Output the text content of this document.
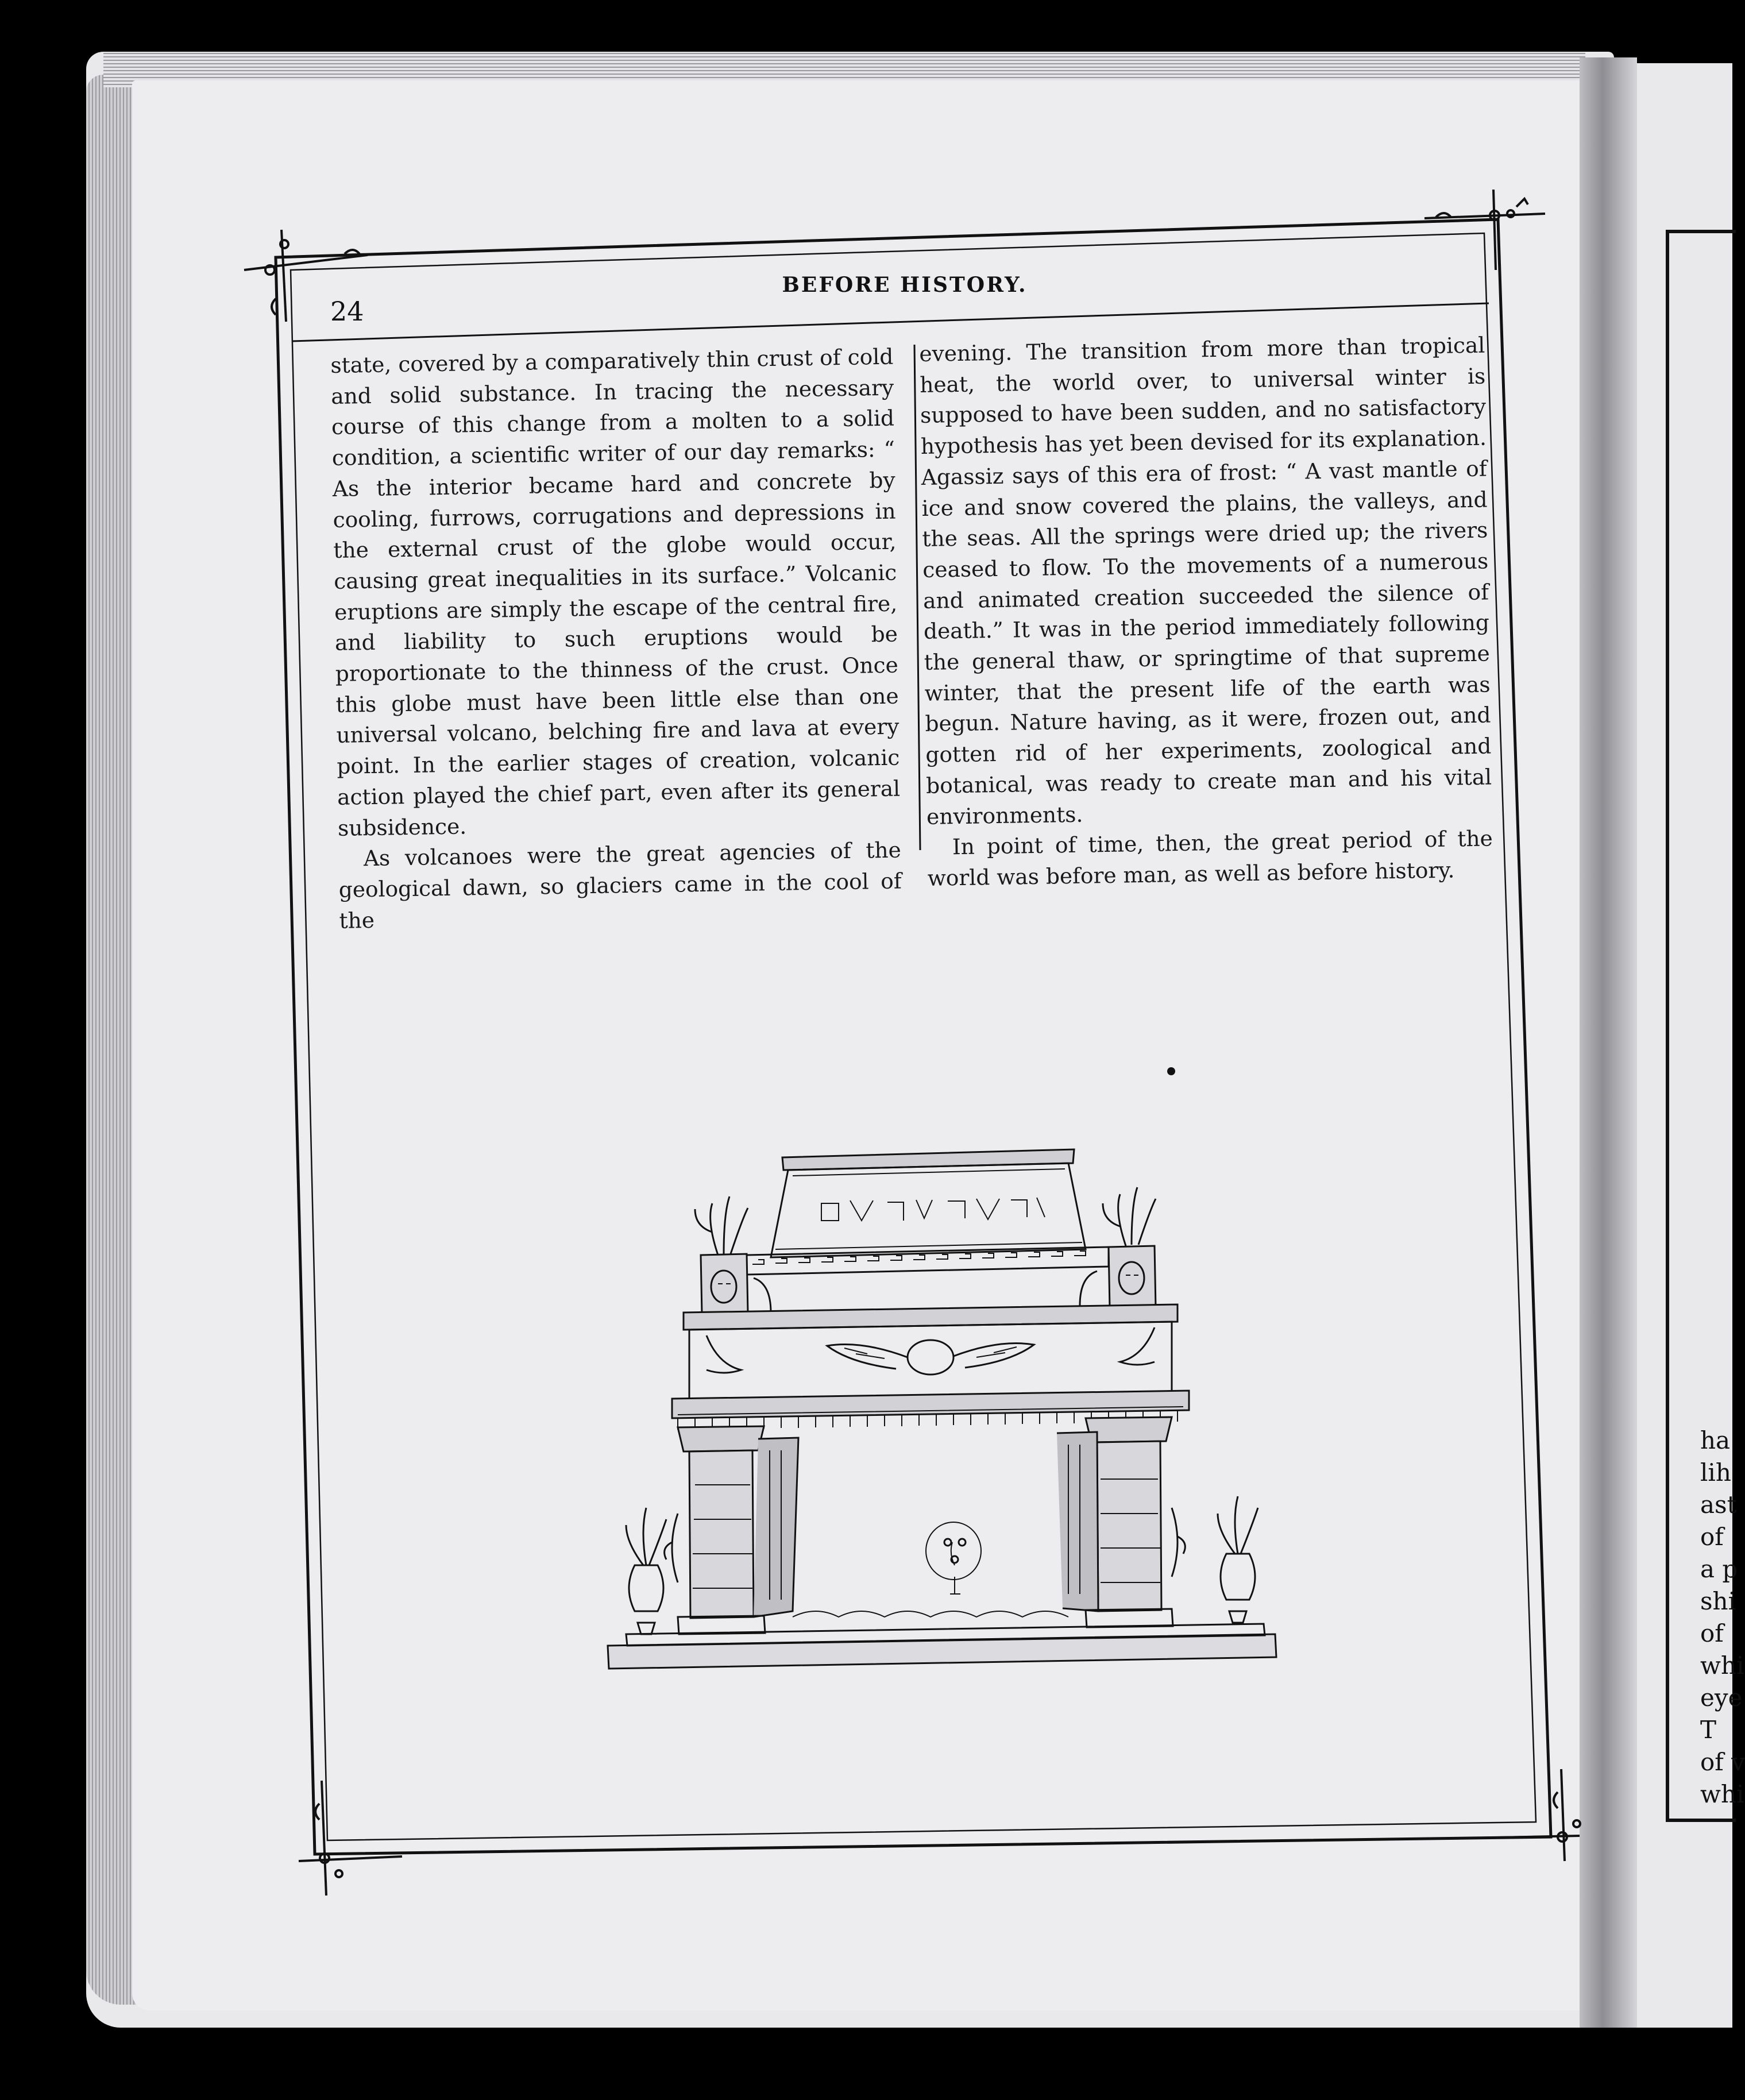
ha
lih
ast
of
a p
shi
of
whi
eye
T
of v
whi
BEFORE HISTORY.
24

state, covered by a comparatively thin crust of cold and solid substance. In tracing the necessary course of this change from a molten to a solid condition, a scientific writer of our day remarks: “ As the interior became hard and concrete by cooling, furrows, corrugations and depressions in the external crust of the globe would occur, causing great inequalities in its surface.” Volcanic eruptions are simply the escape of the central fire, and liability to such eruptions would be proportionate to the thinness of the crust. Once this globe must have been little else than one universal volcano, belching fire and lava at every point. In the earlier stages of creation, volcanic action played the chief part, even after its general subsidence.

As volcanoes were the great agencies of the geological dawn, so glaciers came in the cool of the

evening. The transition from more than tropical heat, the world over, to universal winter is supposed to have been sudden, and no satisfactory hypothesis has yet been devised for its explanation. Agassiz says of this era of frost: “ A vast mantle of ice and snow covered the plains, the valleys, and the seas. All the springs were dried up; the rivers ceased to flow. To the movements of a numerous and animated creation succeeded the silence of death.” It was in the period immediately following the general thaw, or springtime of that supreme winter, that the present life of the earth was begun. Nature having, as it were, frozen out, and gotten rid of her experiments, zoological and botanical, was ready to create man and his vital environments.

In point of time, then, the great period of the world was before man, as well as before history.
